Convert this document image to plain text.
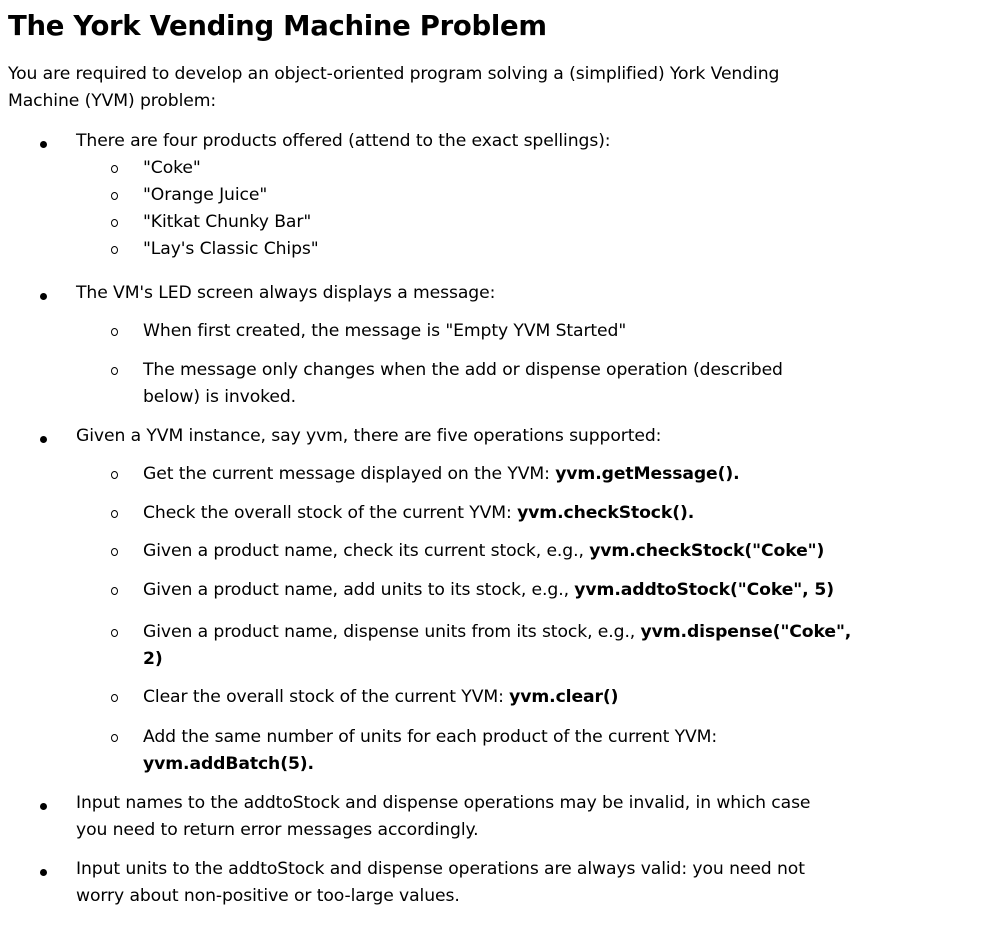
The York Vending Machine Problem

You are required to develop an object-oriented program solving a (simplified) York Vending

Machine (YVM) problem:

There are four products offered (attend to the exact spellings):

"Coke"

"Orange Juice"

"Kitkat Chunky Bar"

"Lay's Classic Chips"

The VM's LED screen always displays a message:

When first created, the message is "Empty YVM Started"

The message only changes when the add or dispense operation (described

below) is invoked.

Given a YVM instance, say yvm, there are five operations supported:

Get the current message displayed on the YVM: yvm.getMessage().

Check the overall stock of the current YVM: yvm.checkStock().

Given a product name, check its current stock, e.g., yvm.checkStock("Coke")

Given a product name, add units to its stock, e.g., yvm.addtoStock("Coke", 5)

Given a product name, dispense units from its stock, e.g., yvm.dispense("Coke",

2)

Clear the overall stock of the current YVM: yvm.clear()

Add the same number of units for each product of the current YVM:

yvm.addBatch(5).

Input names to the addtoStock and dispense operations may be invalid, in which case

you need to return error messages accordingly.

Input units to the addtoStock and dispense operations are always valid: you need not

worry about non-positive or too-large values.
